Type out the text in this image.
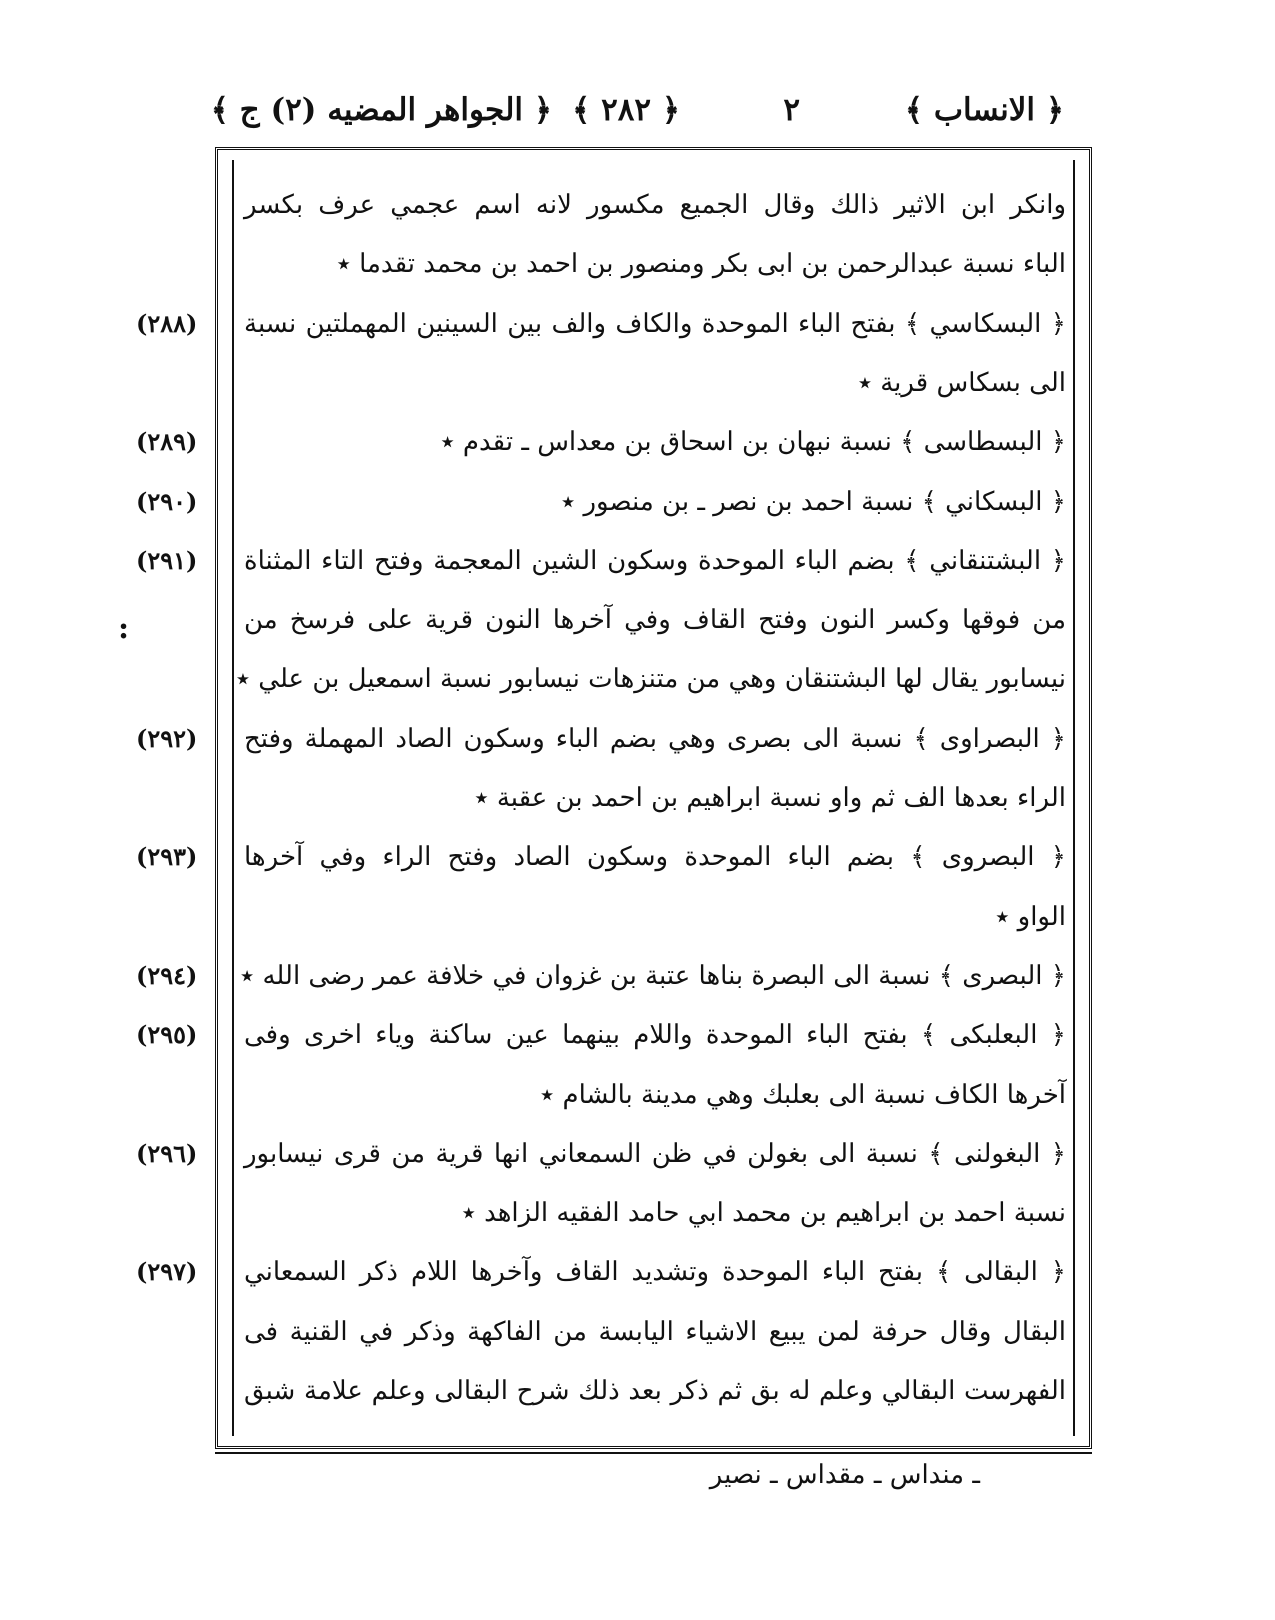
﴿ الانساب ﴾
٢
﴿ ٢٨٢ ﴾
﴿ الجواهر المضيه (٢) ج ﴾
وانكر ابن الاثير ذالك وقال الجميع مكسور لانه اسم عجمي عرف بكسر
الباء نسبة عبدالرحمن بن ابى بكر ومنصور بن احمد بن محمد تقدما ٭
﴿ البسكاسي ﴾ بفتح الباء الموحدة والكاف والف بين السينين المهملتين نسبة
(٢٨٨)
الى بسكاس قرية ٭
﴿ البسطاسى ﴾ نسبة نبهان بن اسحاق بن معداس ـ تقدم ٭
(٢٨٩)
﴿ البسكاني ﴾ نسبة احمد بن نصر ـ بن منصور ٭
(٢٩٠)
﴿ البشتنقاني ﴾ بضم الباء الموحدة وسكون الشين المعجمة وفتح التاء المثناة
(٢٩١)
من فوقها وكسر النون وفتح القاف وفي آخرها النون قرية على فرسخ من
نيسابور يقال لها البشتنقان وهي من متنزهات نيسابور نسبة اسمعيل بن علي ٭
﴿ البصراوى ﴾ نسبة الى بصرى وهي بضم الباء وسكون الصاد المهملة وفتح
(٢٩٢)
الراء بعدها الف ثم واو نسبة ابراهيم بن احمد بن عقبة ٭
﴿ البصروى ﴾ بضم الباء الموحدة وسكون الصاد وفتح الراء وفي آخرها
(٢٩٣)
الواو ٭
﴿ البصرى ﴾ نسبة الى البصرة بناها عتبة بن غزوان في خلافة عمر رضى الله ٭
(٢٩٤)
﴿ البعلبكى ﴾ بفتح الباء الموحدة واللام بينهما عين ساكنة وياء اخرى وفى
(٢٩٥)
آخرها الكاف نسبة الى بعلبك وهي مدينة بالشام ٭
﴿ البغولنى ﴾ نسبة الى بغولن في ظن السمعاني انها قرية من قرى نيسابور
(٢٩٦)
نسبة احمد بن ابراهيم بن محمد ابي حامد الفقيه الزاهد ٭
﴿ البقالى ﴾ بفتح الباء الموحدة وتشديد القاف وآخرها اللام ذكر السمعاني
(٢٩٧)
البقال وقال حرفة لمن يبيع الاشياء اليابسة من الفاكهة وذكر في القنية فى
الفهرست البقالي وعلم له بق ثم ذكر بعد ذلك شرح البقالى وعلم علامة شبق
:
ـ منداس ـ مقداس ـ نصير
